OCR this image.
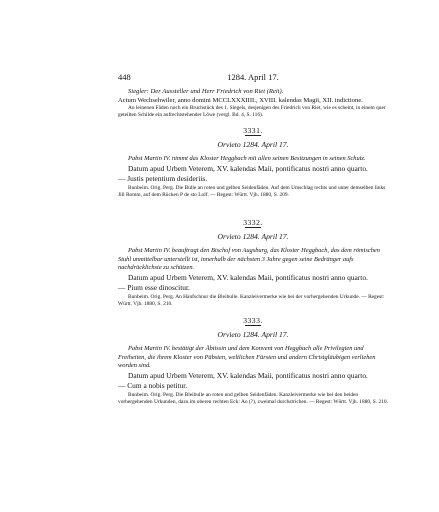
448	1284. April 17.

Siegler: Der Aussteller und Herr Friedrich von Riet (Reit).

Actum Wechsehwiler, anno domini MCCLXXXIIII., XVIII. kalendas Magii, XII. indictione.

An leinenen Fäden noch ein Bruchstück des 1. Siegels, desjenigen des Friedrich von Riet, wie es scheint, in einem quer geteilten Schilde ein aufrechtstehender Löwe (vergl. Bd. 4, S. 116).

3331.

Orvieto 1284. April 17.

Pabst Martin IV. nimmt das Kloster Heggbach mit allen seinen Besitzungen in seinen Schutz.

Datum apud Urbem Veterem, XV. kalendas Maii, pontificatus nostri anno quarto.

— Justis petentium desideriis.

Bunbeim. Orig. Perg. Die Bulle an roten und gelben Seidenfäden. Auf dem Umschlag rechts und unter demselben links Jill Romm, auf dem Rücken P de sto Lolf. — Regest: Württ. Vjh. 1880, S. 209.

3332.

Orvieto 1284. April 17.

Pabst Martin IV. beauftragt den Bischof von Augsburg, das Kloster Heggbach, das dem römischen Stuhl unmittelbar unterstellt ist, innerhalb der nächsten 3 Jahre gegen seine Bedränger aufs nachdrücklichste zu schützen.

Datum apud Urbem Veterem, XV. kalendas Maii, pontificatus nostri anno quarto.

— Pium esse dinoscitur.

Bunbeim. Orig. Perg. An Hanfschnur die Bleibulle. Kanzleivermerke wie bei der vorhergehenden Urkunde. — Regest: Württ. Vjh. 1880, S. 210.

3333.

Orvieto 1284. April 17.

Pabst Martin IV. bestätigt der Äbtissin und dem Konvent von Heggbach alle Privilegien und Freiheiten, die ihrem Kloster von Päbsten, weltlichen Fürsten und andern Christgläubigen verliehen worden sind.

Datum apud Urbem Veterem, XV. kalendas Maii, pontificatus nostri anno quarto.

— Cum a nobis petitur.

Bunbeim. Orig. Perg. Die Bleibulle an roten und gelben Seidenfäden. Kanzleivermerke wie bei den beiden vorhergehenden Urkunden, dazu im oberen rechten Eck: Ao (?), zweimal durchstrichen. — Regest: Württ. Vjh. 1880, S. 210.
